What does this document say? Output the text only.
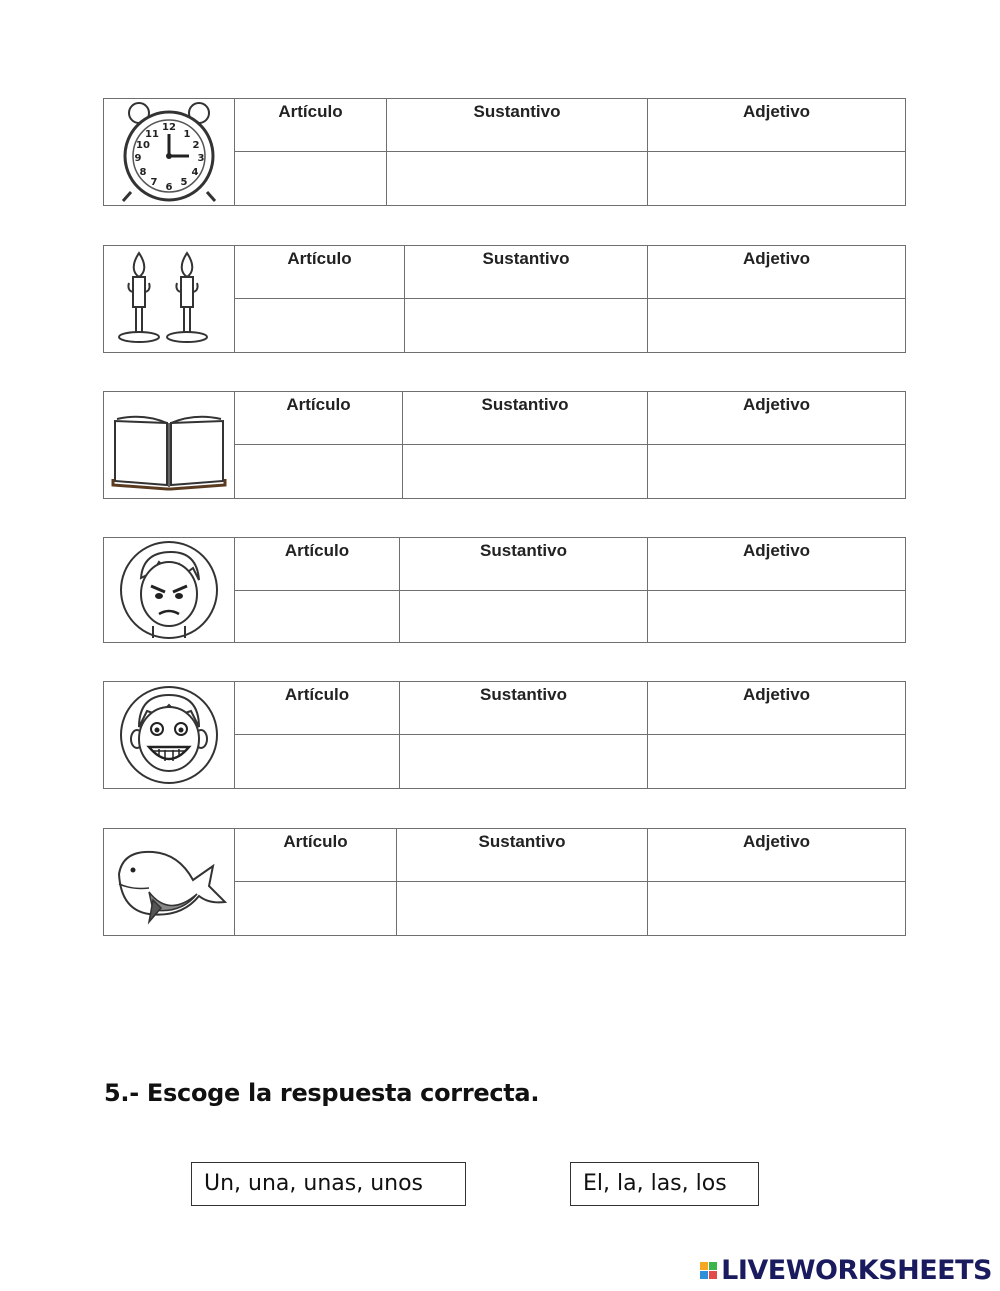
12
1
2
3
4
5
6
7
8
9
10
11
Artículo	Sustantivo	Adjetivo
Artículo	Sustantivo	Adjetivo
Artículo	Sustantivo	Adjetivo
Artículo	Sustantivo	Adjetivo
Artículo	Sustantivo	Adjetivo
Artículo	Sustantivo	Adjetivo
5.- Escoge la respuesta correcta.
Un, una, unas, unos	El, la, las, los
LIVEWORKSHEETS
